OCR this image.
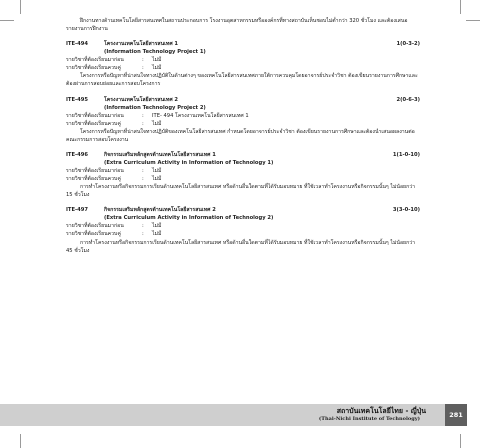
ฝึกงานทางด้านเทคโนโลยีสารสนเทศในสถานประกอบการ โรงงานอุตสาหกรรมหรือองค์กรที่ทางสถาบันเห็นชอบไม่ต่ำกว่า 320 ชั่วโมง และต้องเสนอรายงานการฝึกงาน

ITE-494	โครงงานเทคโนโลยีสารสนเทศ 1	1(0-3-2)
(Information Technology Project 1)
รายวิชาที่ต้องเรียนมาก่อน	:	ไม่มี
รายวิชาที่ต้องเรียนควบคู่	:	ไม่มี

โครงการหรือปัญหาที่น่าสนใจทางปฏิบัติในด้านต่างๆ ของเทคโนโลยีสารสนเทศภายใต้การควบคุมโดยอาจารย์ประจำวิชา ต้องเขียนรายงานการศึกษาและต้องผ่านการสอบย่อยและการสอบโครงการ

ITE-495	โครงงานเทคโนโลยีสารสนเทศ 2	2(0-6-3)
(Information Technology Project 2)
รายวิชาที่ต้องเรียนมาก่อน	:	ITE- 494 โครงงานเทคโนโลยีสารสนเทศ 1
รายวิชาที่ต้องเรียนควบคู่	:	ไม่มี

โครงการหรือปัญหาที่น่าสนใจทางปฏิบัติของเทคโนโลยีสารสนเทศ กำหนดโดยอาจารย์ประจำวิชา ต้องเขียนรายงานการศึกษาและต้องนำเสนอผลงานต่อคณะกรรมการสอบโครงงาน

ITE-496	กิจกรรมเสริมหลักสูตรด้านเทคโนโลยีสารสนเทศ 1	1(1-0-10)
(Extra Curriculum Activity in Information of Technology 1)
รายวิชาที่ต้องเรียนมาก่อน	:	ไม่มี
รายวิชาที่ต้องเรียนควบคู่	:	ไม่มี

การทำโครงงานหรือกิจกรรมการเรียนด้านเทคโนโลยีสารสนเทศ หรือด้านอื่นใดตามที่ได้รับมอบหมาย ที่ใช้เวลาทำโครงงานหรือกิจกรรมนั้นๆ ไม่น้อยกว่า 15 ชั่วโมง

ITE-497	กิจกรรมเสริมหลักสูตรด้านเทคโนโลยีสารสนเทศ 2	3(3-0-10)
(Extra Curriculum Activity in Information of Technology 2)
รายวิชาที่ต้องเรียนมาก่อน	:	ไม่มี
รายวิชาที่ต้องเรียนควบคู่	:	ไม่มี

การทำโครงงานหรือกิจกรรมการเรียนด้านเทคโนโลยีสารสนเทศ หรือด้านอื่นใดตามที่ได้รับมอบหมาย ที่ใช้เวลาทำโครงงานหรือกิจกรรมนั้นๆ ไม่น้อยกว่า 45 ชั่วโมง

สถาบันเทคโนโลยีไทย - ญี่ปุ่น
(Thai-Nichi Institute of Technology)	281
